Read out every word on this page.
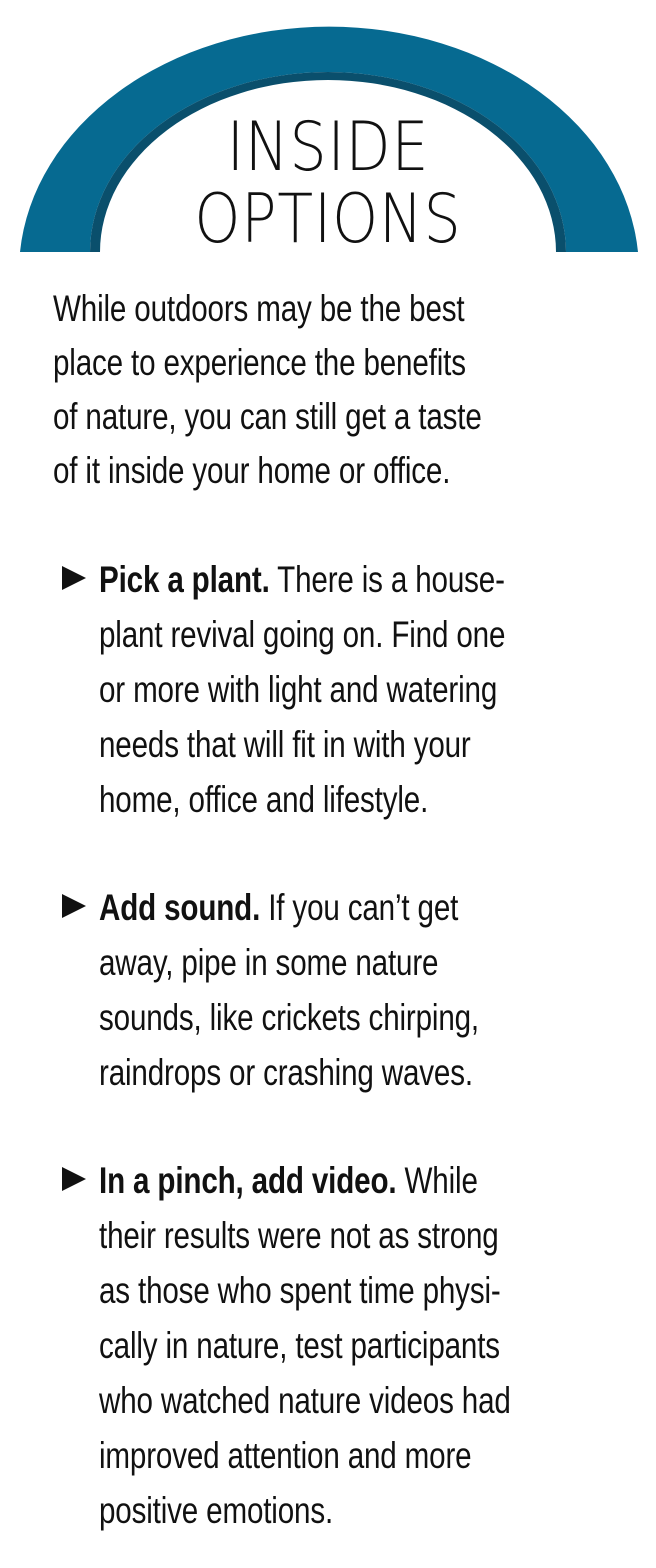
INSIDE
OPTIONS
While outdoors may be the best
place to experience the benefits
of nature, you can still get a taste
of it inside your home or office.
Pick a plant. There is a house-
plant revival going on. Find one
or more with light and watering
needs that will fit in with your
home, office and lifestyle.
Add sound. If you can’t get
away, pipe in some nature
sounds, like crickets chirping,
raindrops or crashing waves.
In a pinch, add video. While
their results were not as strong
as those who spent time physi-
cally in nature, test participants
who watched nature videos had
improved attention and more
positive emotions.
